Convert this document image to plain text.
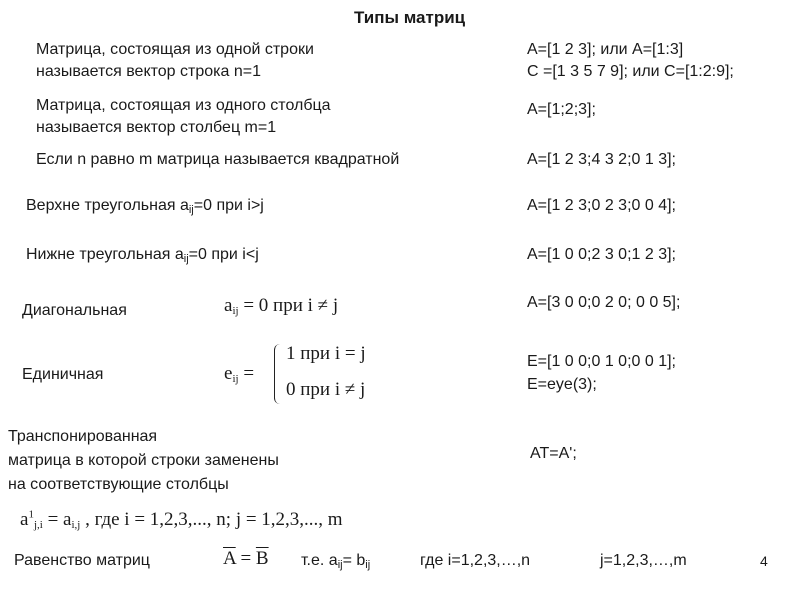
Типы матриц
Матрица, состоящая из одной строки
называется вектор строка n=1
A=[1 2 3]; или A=[1:3]
C =[1 3 5 7 9]; или C=[1:2:9];
Матрица, состоящая из одного столбца
называется вектор столбец m=1
A=[1;2;3];
Если n равно m матрица называется квадратной	A=[1 2 3;4 3 2;0 1 3];
Верхне треугольная $a_{ij}=0$ при i>j	A=[1 2 3;0 2 3;0 0 4];
Нижне треугольная $a_{ij}=0$ при i<j	A=[1 0 0;2 3 0;1 2 3];
Диагональная	$a_{ij} = 0$ при i ≠ j	A=[3 0 0;0 2 0; 0 0 5];
Единичная	$e_{ij}$ =
1 при i = j
0 при i ≠ j
E=[1 0 0;0 1 0;0 0 1];
E=eye(3);
Транспонированная
матрица в которой строки заменены
на соответствующие столбцы
AT=A';
$a^1_{j,i} = a_{i,j}$ , где i = 1,2,3,..., n; j = 1,2,3,..., m
Равенство матриц	$\overline{A} = \overline{B}$ т.е. $a_{ij}= b_{ij}$	где i=1,2,3,…,n	j=1,2,3,…,m	4
